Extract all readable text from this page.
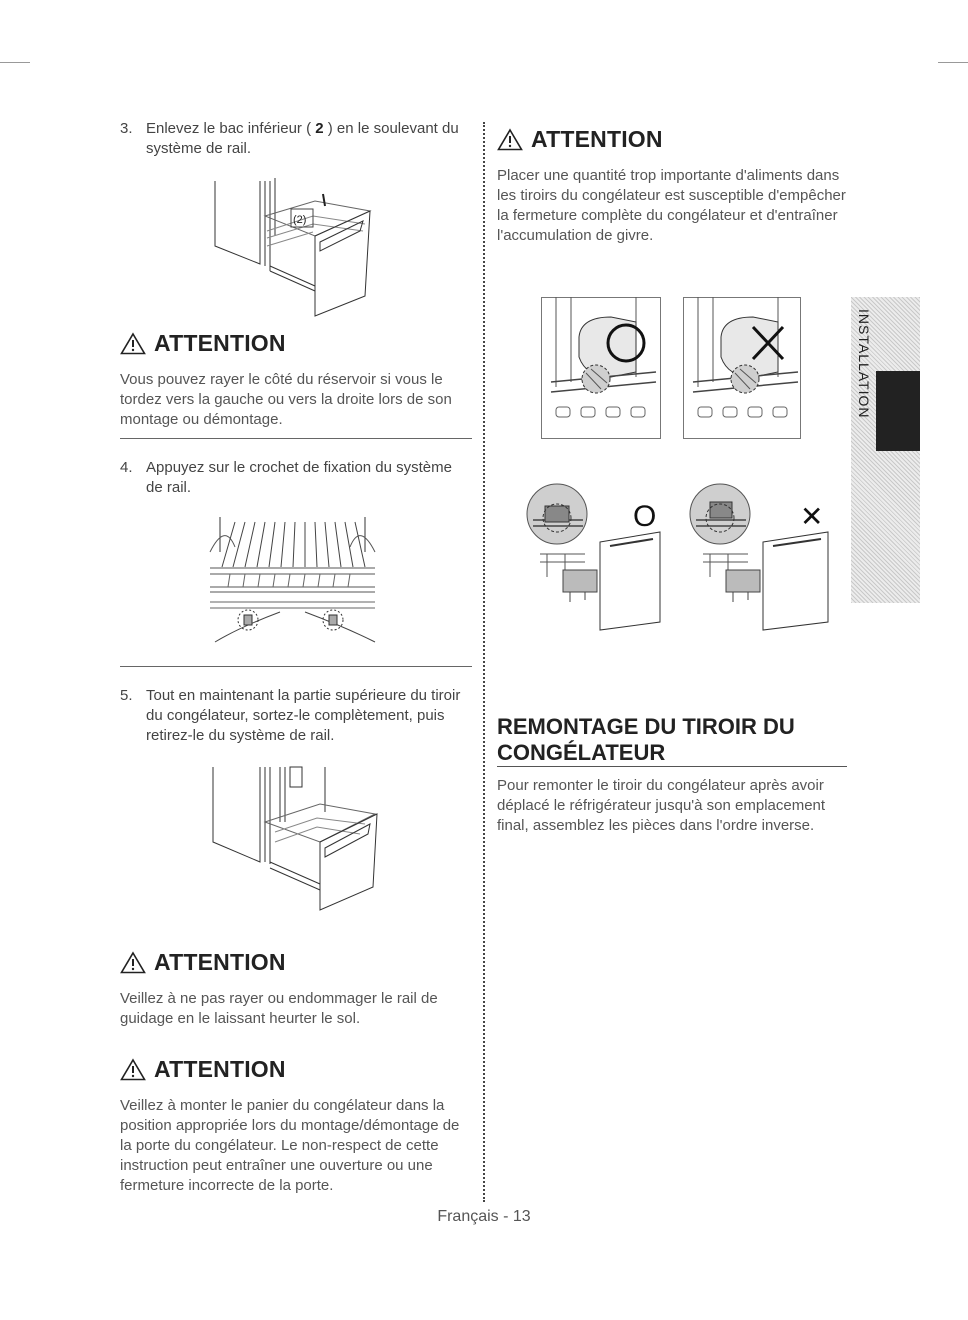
3. Enlevez le bac inférieur ( 2 ) en le soulevant du système de rail.
(2)
ATTENTION
Vous pouvez rayer le côté du réservoir si vous le tordez vers la gauche ou vers la droite lors de son montage ou démontage.
4. Appuyez sur le crochet de fixation du système de rail.
5. Tout en maintenant la partie supérieure du tiroir du congélateur, sortez-le complètement, puis retirez-le du système de rail.
ATTENTION
Veillez à ne pas rayer ou endommager le rail de guidage en le laissant heurter le sol.
ATTENTION
Veillez à monter le panier du congélateur dans la position appropriée lors du montage/démontage de la porte du congélateur. Le non-respect de cette instruction peut entraîner une ouverture ou une fermeture incorrecte de la porte.
ATTENTION
Placer une quantité trop importante d'aliments dans les tiroirs du congélateur est susceptible d'empêcher la fermeture complète du congélateur et d'entraîner l'accumulation de givre.
O	✕
REMONTAGE DU TIROIR DU CONGÉLATEUR
Pour remonter le tiroir du congélateur après avoir déplacé le réfrigérateur jusqu'à son emplacement final, assemblez les pièces dans l'ordre inverse.
INSTALLATION
Français - 13
